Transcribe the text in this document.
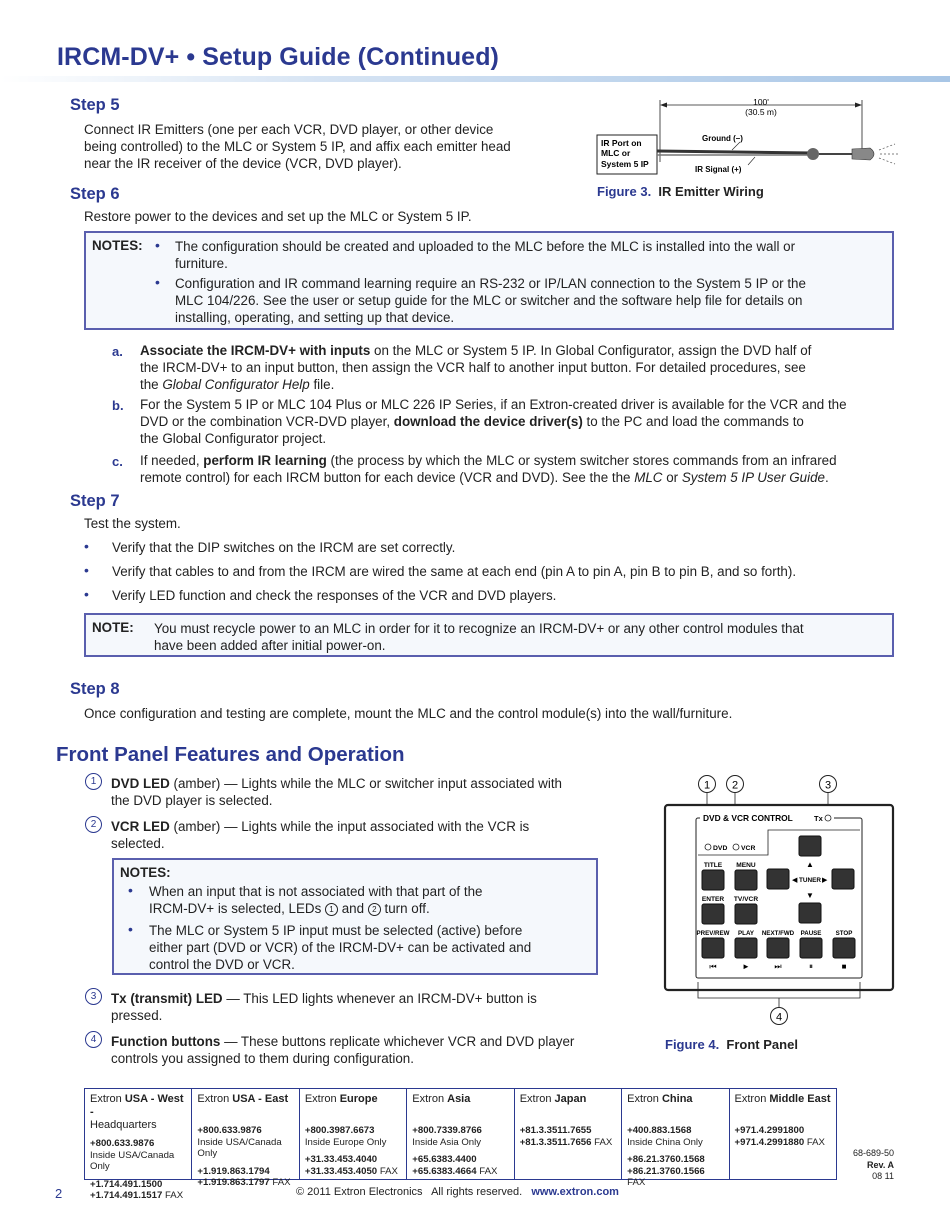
IRCM-DV+ • Setup Guide (Continued)
Step 5
Connect IR Emitters (one per each VCR, DVD player, or other device
being controlled) to the MLC or System 5 IP, and affix each emitter head
near the IR receiver of the device (VCR, DVD player).
100'
(30.5 m)
IR Port on
MLC or
System 5 IP
Ground (–)
IR Signal (+)
Figure 3. IR Emitter Wiring
Step 6
Restore power to the devices and set up the MLC or System 5 IP.
NOTES: • The configuration should be created and uploaded to the MLC before the MLC is installed into the wall or
furniture.
• Configuration and IR command learning require an RS-232 or IP/LAN connection to the System 5 IP or the
MLC 104/226. See the user or setup guide for the MLC or switcher and the software help file for details on
installing, operating, and setting up that device.
a. Associate the IRCM-DV+ with inputs on the MLC or System 5 IP. In Global Configurator, assign the DVD half of
the IRCM-DV+ to an input button, then assign the VCR half to another input button. For detailed procedures, see
the Global Configurator Help file.
b. For the System 5 IP or MLC 104 Plus or MLC 226 IP Series, if an Extron-created driver is available for the VCR and the
DVD or the combination VCR-DVD player, download the device driver(s) to the PC and load the commands to
the Global Configurator project.
c. If needed, perform IR learning (the process by which the MLC or system switcher stores commands from an infrared
remote control) for each IRCM button for each device (VCR and DVD). See the the MLC or System 5 IP User Guide.
Step 7
Test the system.
• Verify that the DIP switches on the IRCM are set correctly.
• Verify that cables to and from the IRCM are wired the same at each end (pin A to pin A, pin B to pin B, and so forth).
• Verify LED function and check the responses of the VCR and DVD players.
NOTE: You must recycle power to an MLC in order for it to recognize an IRCM-DV+ or any other control modules that
have been added after initial power-on.
Step 8
Once configuration and testing are complete, mount the MLC and the control module(s) into the wall/furniture.
Front Panel Features and Operation
1	DVD LED (amber) — Lights while the MLC or switcher input associated with
the DVD player is selected.
2	VCR LED (amber) — Lights while the input associated with the VCR is
selected.
NOTES:
• When an input that is not associated with that part of the
IRCM-DV+ is selected, LEDs 1 and 2 turn off.
• The MLC or System 5 IP input must be selected (active) before
either part (DVD or VCR) of the IRCM-DV+ can be activated and
control the DVD or VCR.
3	Tx (transmit) LED — This LED lights whenever an IRCM-DV+ button is
pressed.
4	Function buttons — These buttons replicate whichever VCR and DVD player
controls you assigned to them during configuration.
1 2	3
DVD & VCR CONTROL	Tx
DVD VCR
TITLE MENU
ENTER TV/VCR
▲
◀ TUNER ▶
▼
PREV/REW
⏮
PLAY
►
NEXT/FWD
⏭
PAUSE
⏸
STOP
■
4
Figure 4. Front Panel
Extron USA - West -
Headquarters
+800.633.9876
Inside USA/Canada Only
+1.714.491.1500
+1.714.491.1517 FAX
Extron USA - East
+800.633.9876
Inside USA/Canada Only
+1.919.863.1794
+1.919.863.1797 FAX
Extron Europe
+800.3987.6673
Inside Europe Only
+31.33.453.4040
+31.33.453.4050 FAX
Extron Asia
+800.7339.8766
Inside Asia Only
+65.6383.4400
+65.6383.4664 FAX
Extron Japan
+81.3.3511.7655
+81.3.3511.7656 FAX
Extron China
+400.883.1568
Inside China Only
+86.21.3760.1568
+86.21.3760.1566 FAX
Extron Middle East
+971.4.2991800
+971.4.2991880 FAX
68-689-50
Rev. A
08 11
2	© 2011 Extron Electronics   All rights reserved. www.extron.com
